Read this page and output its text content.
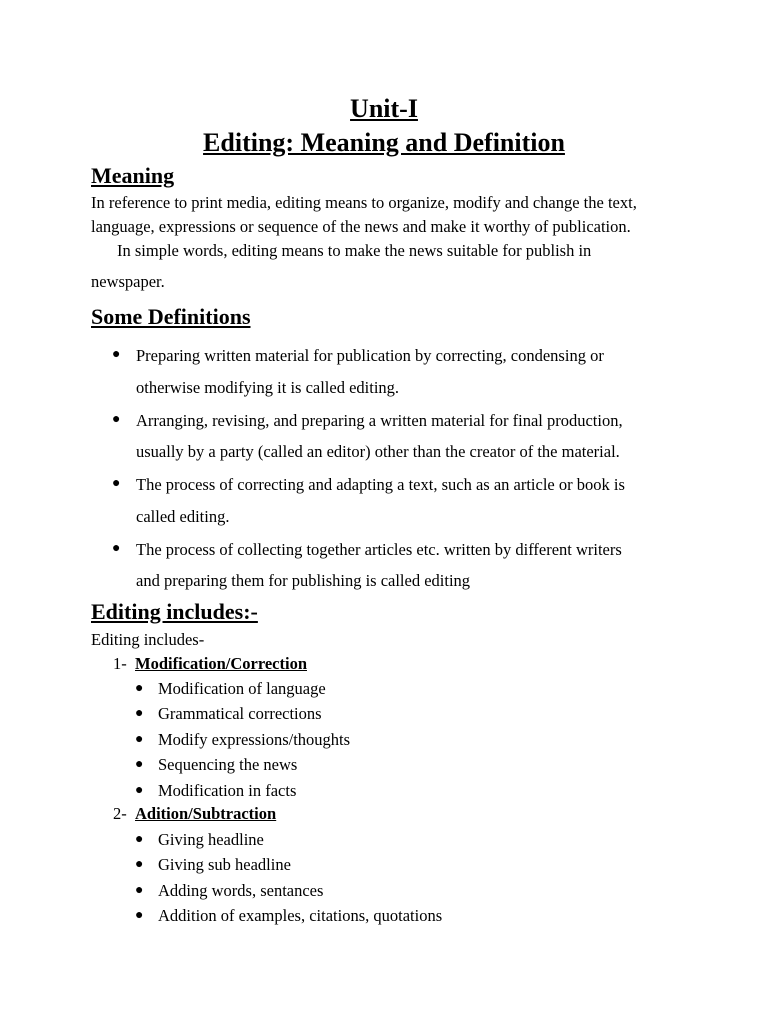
Unit-I
Editing: Meaning and Definition
Meaning
In reference to print media, editing means to organize, modify and change the text,
language, expressions or sequence of the news and make it worthy of publication.
In simple words, editing means to make the news suitable for publish in
newspaper.
Some Definitions
● Preparing written material for publication by correcting, condensing or
otherwise modifying it is called editing.
● Arranging, revising, and preparing a written material for final production,
usually by a party (called an editor) other than the creator of the material.
● The process of correcting and adapting a text, such as an article or book is
called editing.
● The process of collecting together articles etc. written by different writers
and preparing them for publishing is called editing
Editing includes:-
Editing includes-
1- Modification/Correction
● Modification of language
● Grammatical corrections
● Modify expressions/thoughts
● Sequencing the news
● Modification in facts
2- Adition/Subtraction
● Giving headline
● Giving sub headline
● Adding words, sentances
● Addition of examples, citations, quotations
